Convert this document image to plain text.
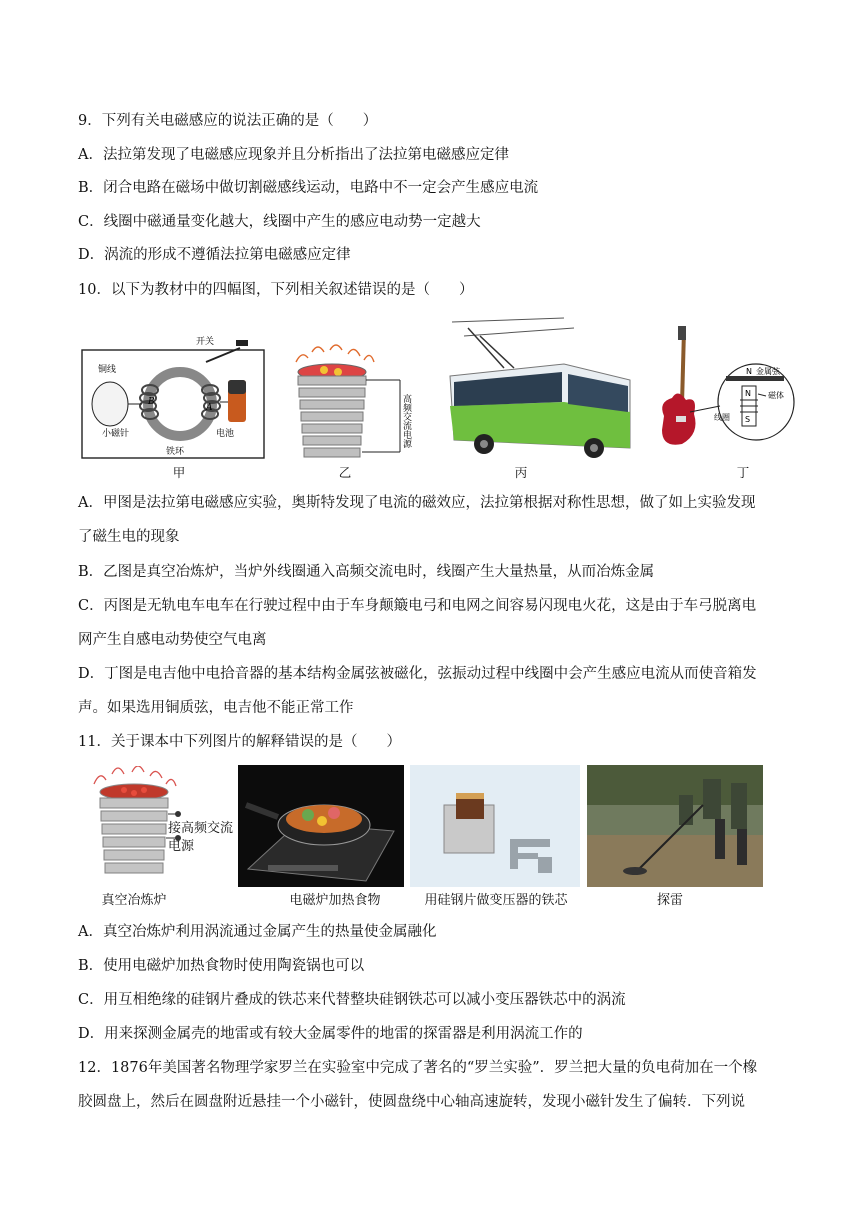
9．下列有关电磁感应的说法正确的是（　　）
A．法拉第发现了电磁感应现象并且分析指出了法拉第电磁感应定律
B．闭合电路在磁场中做切割磁感线运动，电路中不一定会产生感应电流
C．线圈中磁通量变化越大，线圈中产生的感应电动势一定越大
D．涡流的形成不遵循法拉第电磁感应定律
10．以下为教材中的四幅图，下列相关叙述错误的是（　　）
开关
铜线
小磁针
铁环
电池
A
B	高频交流电源
N 金属弦
N
S
磁体
线圈
甲	乙	丙	丁
A．甲图是法拉第电磁感应实验，奥斯特发现了电流的磁效应，法拉第根据对称性思想，做了如上实验发现
了磁生电的现象
B．乙图是真空冶炼炉，当炉外线圈通入高频交流电时，线圈产生大量热量，从而冶炼金属
C．丙图是无轨电车电车在行驶过程中由于车身颠簸电弓和电网之间容易闪现电火花，这是由于车弓脱离电
网产生自感电动势使空气电离
D．丁图是电吉他中电拾音器的基本结构金属弦被磁化，弦振动过程中线圈中会产生感应电流从而使音箱发
声。如果选用铜质弦，电吉他不能正常工作
11．关于课本中下列图片的解释错误的是（　　）
接高频交流电源
真空冶炼炉	电磁炉加热食物	用硅钢片做变压器的铁芯	探雷
A．真空冶炼炉利用涡流通过金属产生的热量使金属融化
B．使用电磁炉加热食物时使用陶瓷锅也可以
C．用互相绝缘的硅钢片叠成的铁芯来代替整块硅钢铁芯可以减小变压器铁芯中的涡流
D．用来探测金属壳的地雷或有较大金属零件的地雷的探雷器是利用涡流工作的
12．1876年美国著名物理学家罗兰在实验室中完成了著名的“罗兰实验”．罗兰把大量的负电荷加在一个橡
胶圆盘上，然后在圆盘附近悬挂一个小磁针，使圆盘绕中心轴高速旋转，发现小磁针发生了偏转．下列说
